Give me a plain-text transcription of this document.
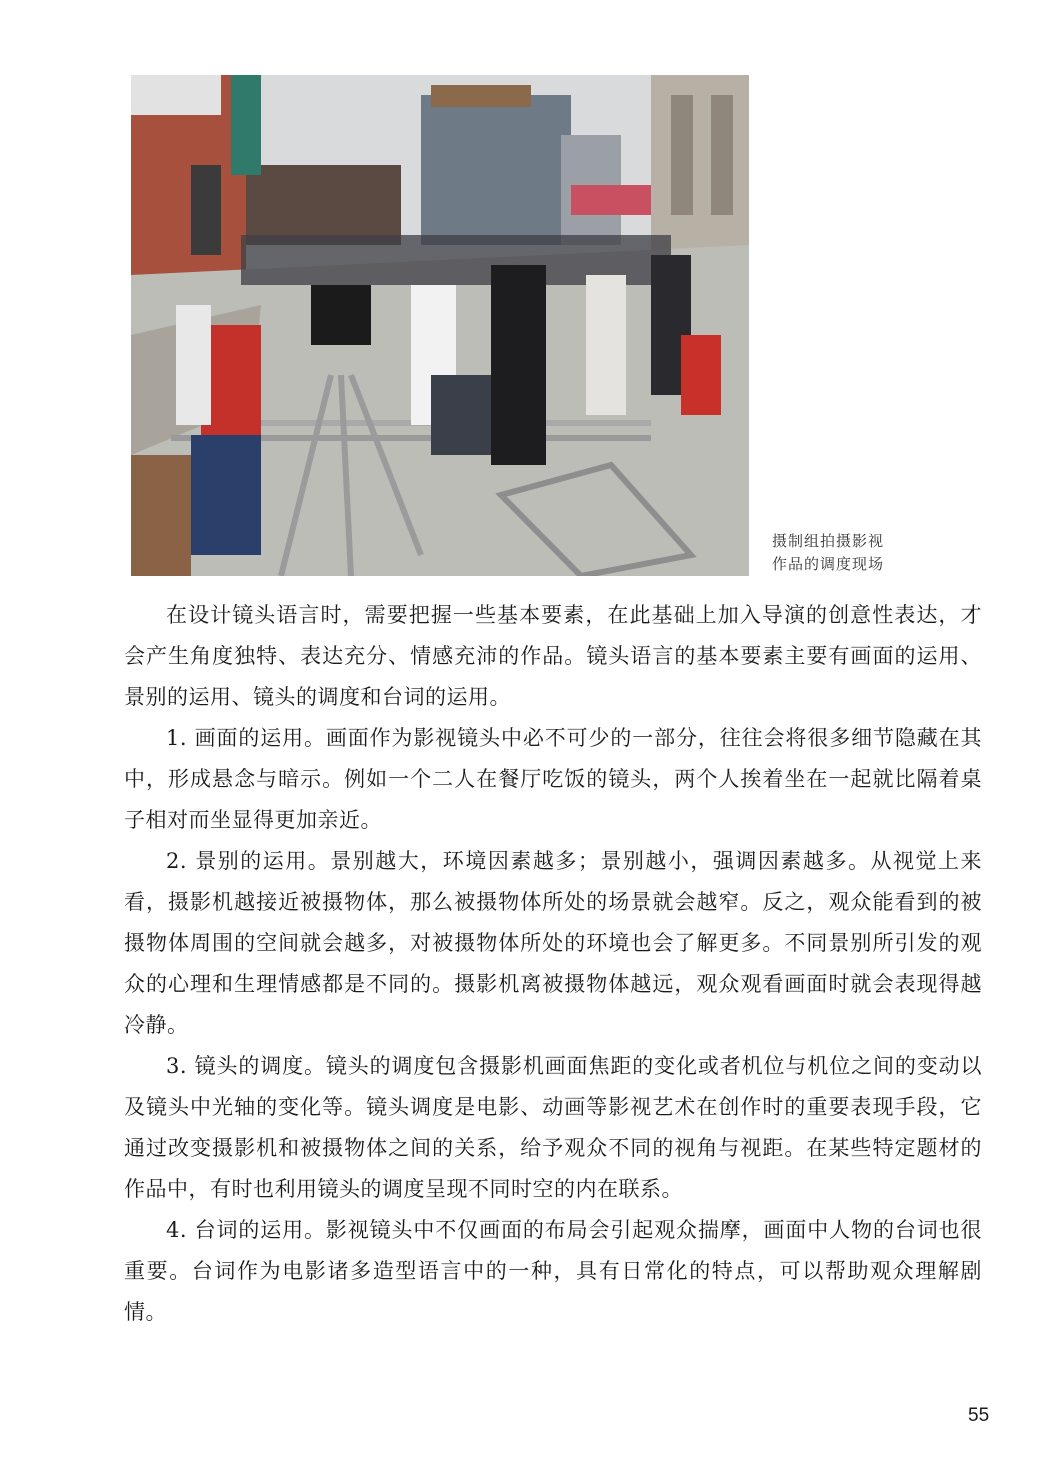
摄制组拍摄影视
作品的调度现场

在设计镜头语言时，需要把握一些基本要素，在此基础上加入导演的创意性表达，才会产生角度独特、表达充分、情感充沛的作品。镜头语言的基本要素主要有画面的运用、景别的运用、镜头的调度和台词的运用。

1. 画面的运用。画面作为影视镜头中必不可少的一部分，往往会将很多细节隐藏在其中，形成悬念与暗示。例如一个二人在餐厅吃饭的镜头，两个人挨着坐在一起就比隔着桌子相对而坐显得更加亲近。

2. 景别的运用。景别越大，环境因素越多；景别越小，强调因素越多。从视觉上来看，摄影机越接近被摄物体，那么被摄物体所处的场景就会越窄。反之，观众能看到的被摄物体周围的空间就会越多，对被摄物体所处的环境也会了解更多。不同景别所引发的观众的心理和生理情感都是不同的。摄影机离被摄物体越远，观众观看画面时就会表现得越冷静。

3. 镜头的调度。镜头的调度包含摄影机画面焦距的变化或者机位与机位之间的变动以及镜头中光轴的变化等。镜头调度是电影、动画等影视艺术在创作时的重要表现手段，它通过改变摄影机和被摄物体之间的关系，给予观众不同的视角与视距。在某些特定题材的作品中，有时也利用镜头的调度呈现不同时空的内在联系。

4. 台词的运用。影视镜头中不仅画面的布局会引起观众揣摩，画面中人物的台词也很重要。台词作为电影诸多造型语言中的一种，具有日常化的特点，可以帮助观众理解剧情。

55
